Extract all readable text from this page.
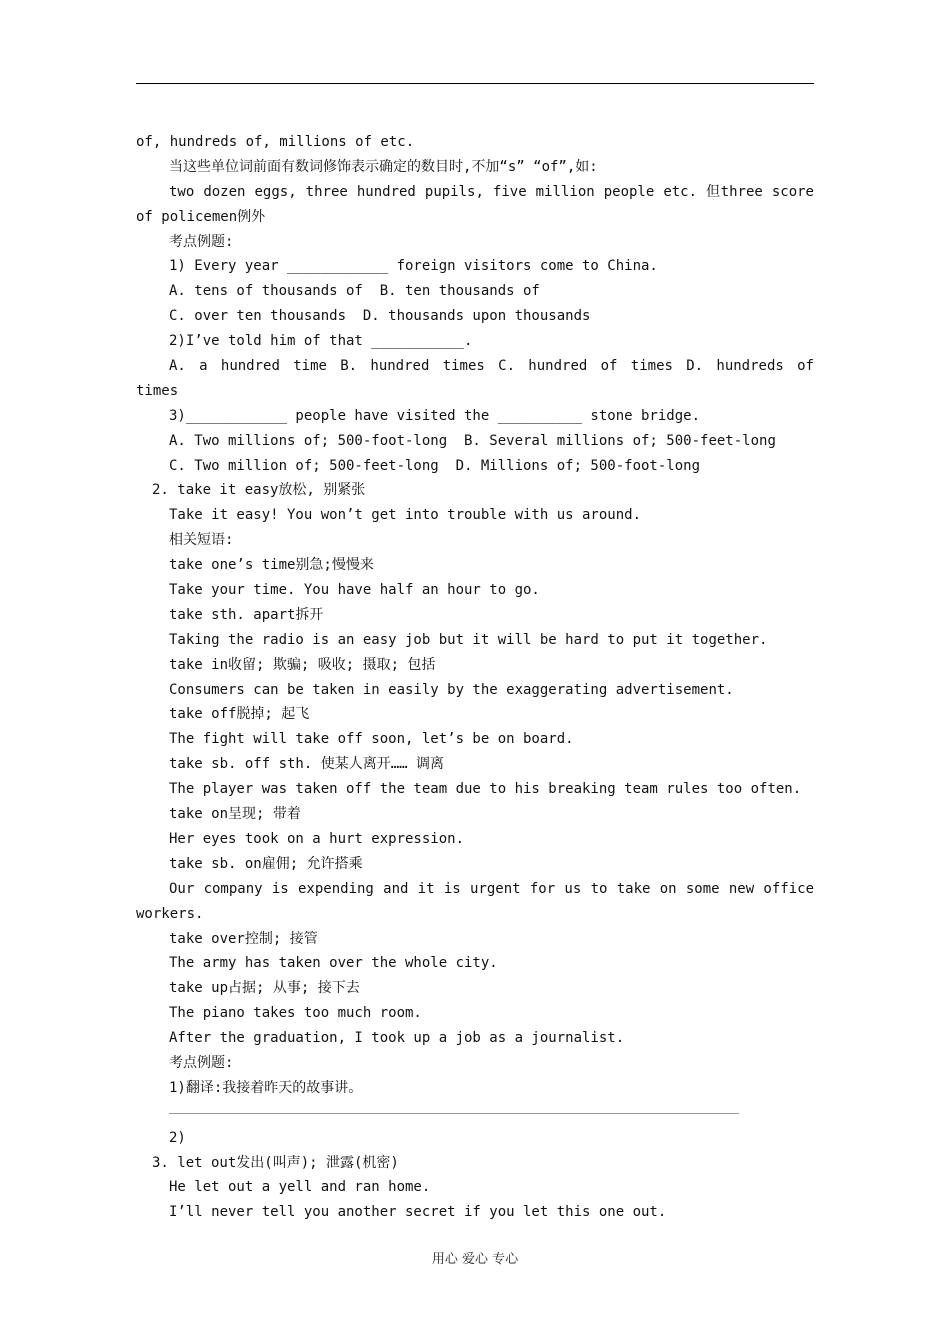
of, hundreds of, millions of etc.
当这些单位词前面有数词修饰表示确定的数目时,不加“s” “of”,如:
two dozen eggs, three hundred pupils, five million people etc. 但three score
of policemen例外
考点例题:
1) Every year ____________ foreign visitors come to China.
A. tens of thousands of  B. ten thousands of
C. over ten thousands  D. thousands upon thousands
2)I’ve told him of that ___________.
A. a hundred time B. hundred times C. hundred of times D. hundreds of
times
3)____________ people have visited the __________ stone bridge.
A. Two millions of; 500-foot-long  B. Several millions of; 500-feet-long
C. Two million of; 500-feet-long  D. Millions of; 500-foot-long
2. take it easy放松, 别紧张
Take it easy! You won’t get into trouble with us around.
相关短语:
take one’s time别急;慢慢来
Take your time. You have half an hour to go.
take sth. apart拆开
Taking the radio is an easy job but it will be hard to put it together.
take in收留; 欺骗; 吸收; 摄取; 包括
Consumers can be taken in easily by the exaggerating advertisement.
take off脱掉; 起飞
The fight will take off soon, let’s be on board.
take sb. off sth. 使某人离开…… 调离
The player was taken off the team due to his breaking team rules too often.
take on呈现; 带着
Her eyes took on a hurt expression.
take sb. on雇佣; 允许搭乘
Our company is expending and it is urgent for us to take on some new office
workers.
take over控制; 接管
The army has taken over the whole city.
take up占据; 从事; 接下去
The piano takes too much room.
After the graduation, I took up a job as a journalist.
考点例题:
1)翻译:我接着昨天的故事讲。
2)
3. let out发出(叫声); 泄露(机密)
He let out a yell and ran home.
I’ll never tell you another secret if you let this one out.
用心 爱心 专心
